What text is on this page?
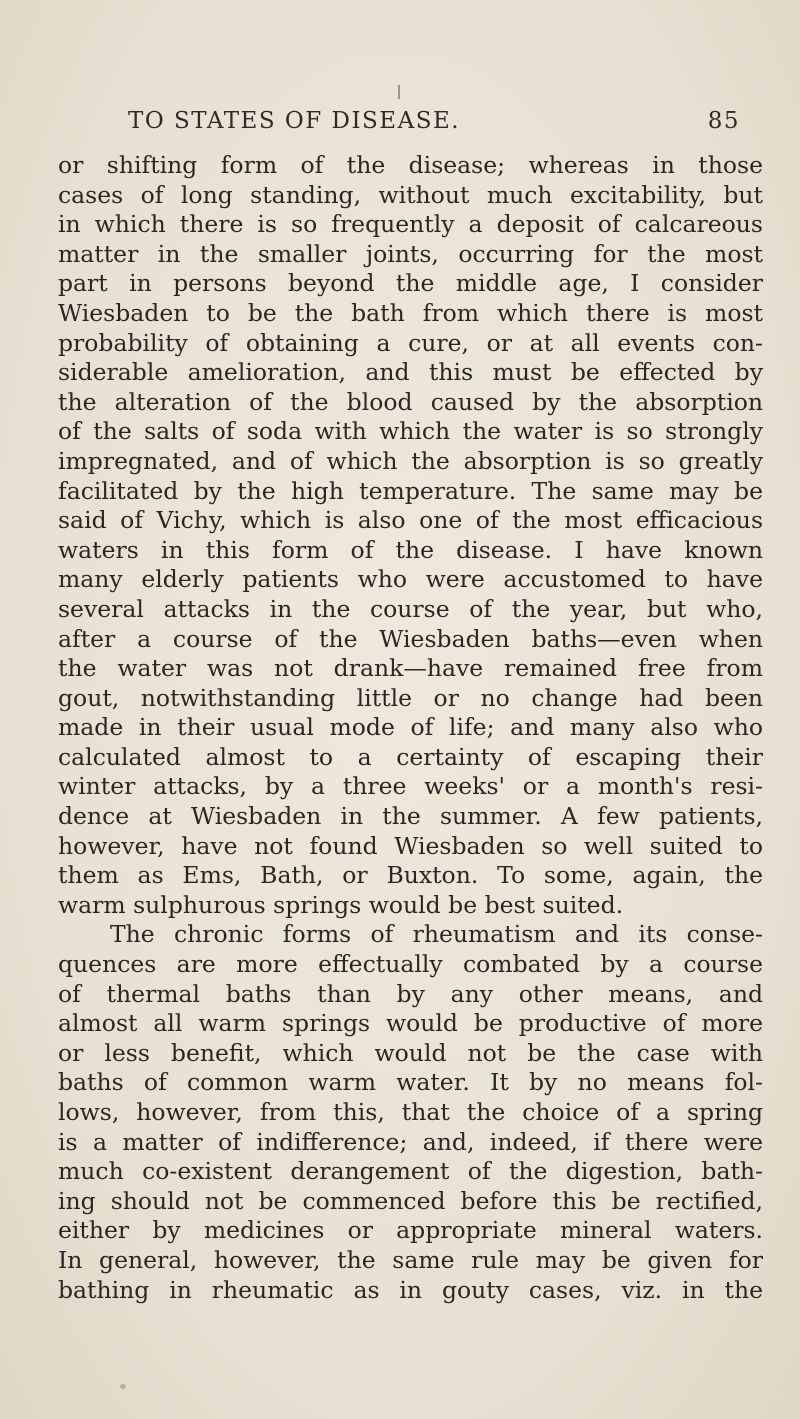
TO STATES OF DISEASE.	85
or shifting form of the disease; whereas in those
cases of long standing, without much excitability, but
in which there is so frequently a deposit of calcareous
matter in the smaller joints, occurring for the most
part in persons beyond the middle age, I consider
Wiesbaden to be the bath from which there is most
probability of obtaining a cure, or at all events con-
siderable amelioration, and this must be effected by
the alteration of the blood caused by the absorption
of the salts of soda with which the water is so strongly
impregnated, and of which the absorption is so greatly
facilitated by the high temperature. The same may be
said of Vichy, which is also one of the most efficacious
waters in this form of the disease. I have known
many elderly patients who were accustomed to have
several attacks in the course of the year, but who,
after a course of the Wiesbaden baths—even when
the water was not drank—have remained free from
gout, notwithstanding little or no change had been
made in their usual mode of life; and many also who
calculated almost to a certainty of escaping their
winter attacks, by a three weeks' or a month's resi-
dence at Wiesbaden in the summer. A few patients,
however, have not found Wiesbaden so well suited to
them as Ems, Bath, or Buxton. To some, again, the
warm sulphurous springs would be best suited.
The chronic forms of rheumatism and its conse-
quences are more effectually combated by a course
of thermal baths than by any other means, and
almost all warm springs would be productive of more
or less benefit, which would not be the case with
baths of common warm water. It by no means fol-
lows, however, from this, that the choice of a spring
is a matter of indifference; and, indeed, if there were
much co-existent derangement of the digestion, bath-
ing should not be commenced before this be rectified,
either by medicines or appropriate mineral waters.
In general, however, the same rule may be given for
bathing in rheumatic as in gouty cases, viz. in the
